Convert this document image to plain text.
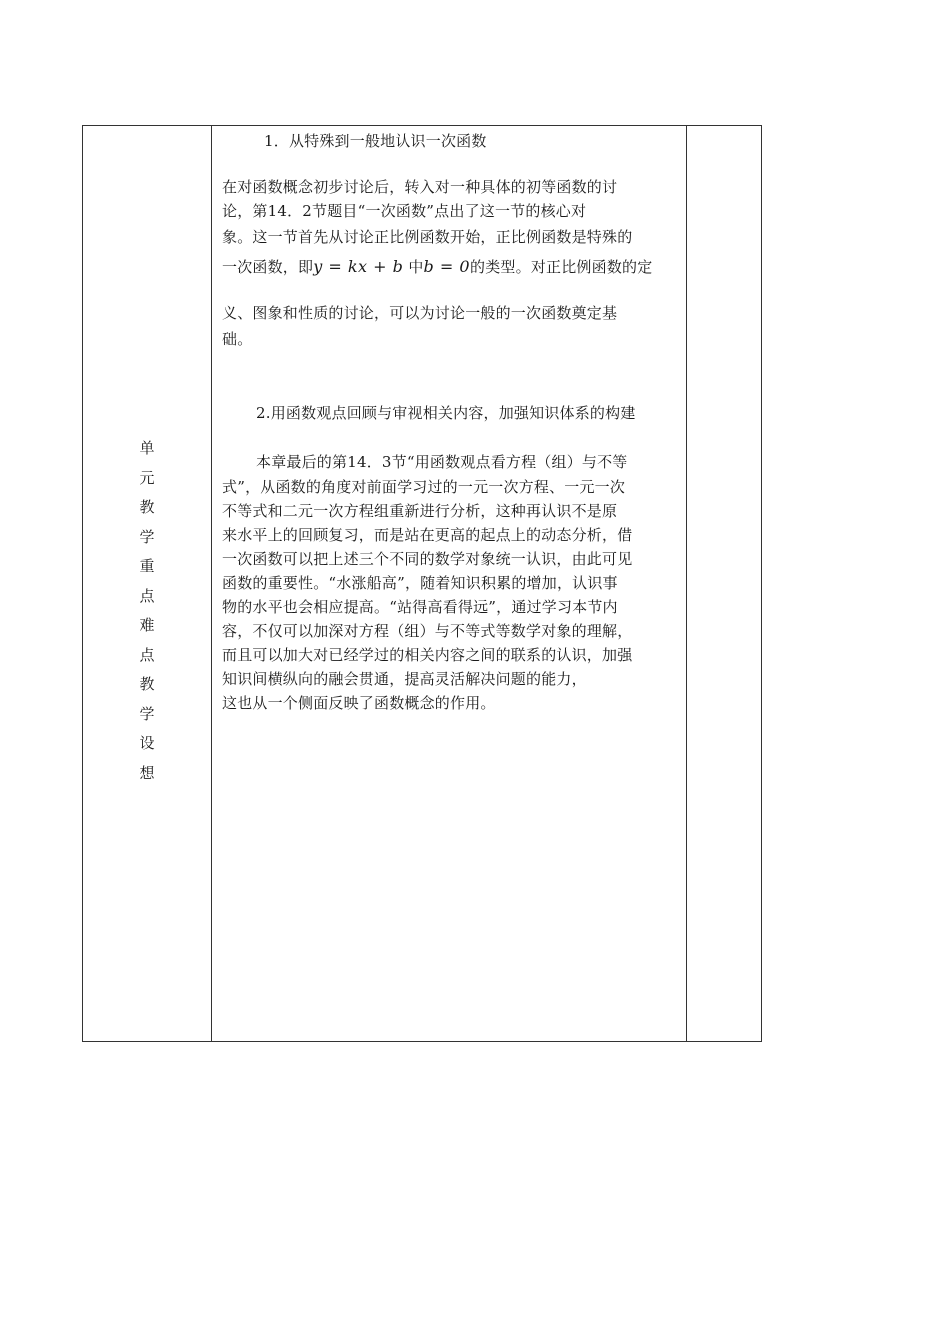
单
元
教
学
重
点
难
点
教
学
设
想
1．从特殊到一般地认识一次函数
在对函数概念初步讨论后，转入对一种具体的初等函数的讨
论，第14．2节题目“一次函数”点出了这一节的核心对
象。这一节首先从讨论正比例函数开始，正比例函数是特殊的
一次函数，即y = kx + b 中b = 0的类型。对正比例函数的定
义、图象和性质的讨论，可以为讨论一般的一次函数奠定基
础。
2.用函数观点回顾与审视相关内容，加强知识体系的构建
本章最后的第14．3节“用函数观点看方程（组）与不等
式”，从函数的角度对前面学习过的一元一次方程、一元一次
不等式和二元一次方程组重新进行分析，这种再认识不是原
来水平上的回顾复习，而是站在更高的起点上的动态分析，借
一次函数可以把上述三个不同的数学对象统一认识，由此可见
函数的重要性。“水涨船高”，随着知识积累的增加，认识事
物的水平也会相应提高。“站得高看得远”，通过学习本节内
容，不仅可以加深对方程（组）与不等式等数学对象的理解，
而且可以加大对已经学过的相关内容之间的联系的认识，加强
知识间横纵向的融会贯通，提高灵活解决问题的能力，
这也从一个侧面反映了函数概念的作用。
